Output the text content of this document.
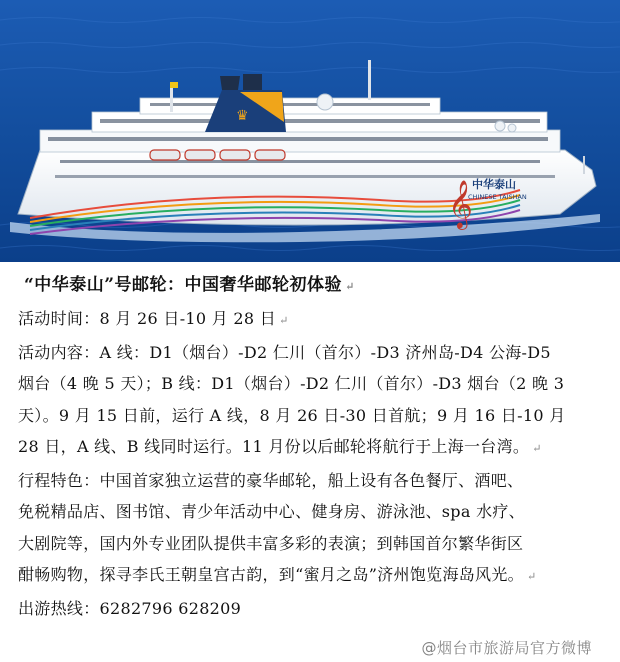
♛
𝄞 中华泰山
CHINESE TAISHAN
“中华泰山”号邮轮：中国奢华邮轮初体验 ↵
活动时间：8 月 26 日-10 月 28 日 ↵
活动内容：A 线：D1（烟台）-D2 仁川（首尔）-D3 济州岛-D4 公海-D5
烟台（4 晚 5 天）；B 线：D1（烟台）-D2 仁川（首尔）-D3 烟台（2 晚 3
天）。9 月 15 日前，运行 A 线，8 月 26 日-30 日首航；9 月 16 日-10 月
28 日，A 线、B 线同时运行。11 月份以后邮轮将航行于上海一台湾。 ↵
行程特色：中国首家独立运营的豪华邮轮，船上设有各色餐厅、酒吧、
免税精品店、图书馆、青少年活动中心、健身房、游泳池、spa 水疗、
大剧院等，国内外专业团队提供丰富多彩的表演；到韩国首尔繁华街区
酣畅购物，探寻李氏王朝皇宫古韵，到“蜜月之岛”济州饱览海岛风光。 ↵
出游热线：6282796 628209
@烟台市旅游局官方微博
